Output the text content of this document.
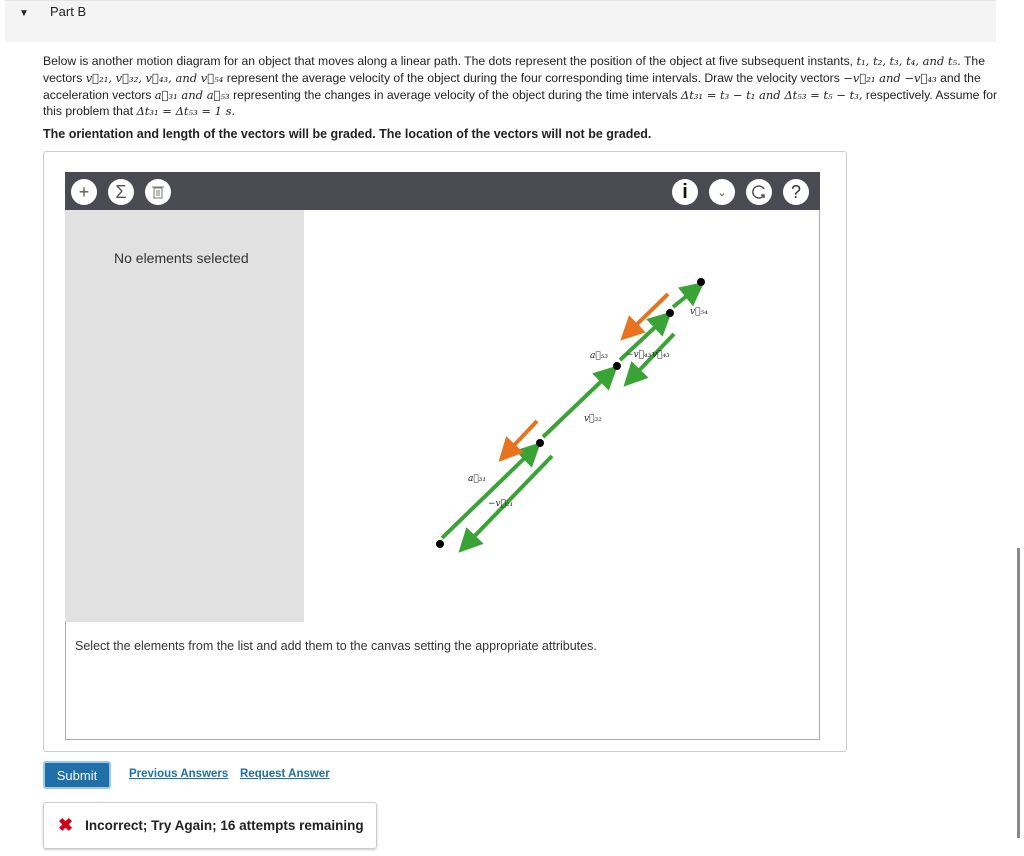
▼ Part B
Below is another motion diagram for an object that moves along a linear path. The dots represent the position of the object at five subsequent instants, t₁, t₂, t₃, t₄, and t₅. The vectors v⃗₂₁, v⃗₃₂, v⃗₄₃, and v⃗₅₄ represent the average velocity of the object during the four corresponding time intervals. Draw the velocity vectors −v⃗₂₁ and −v⃗₄₃ and the acceleration vectors a⃗₃₁ and a⃗₅₃ representing the changes in average velocity of the object during the time intervals Δt₃₁ = t₃ − t₁ and Δt₅₃ = t₅ − t₃, respectively. Assume for this problem that Δt₃₁ = Δt₅₃ = 1 s.
The orientation and length of the vectors will be graded. The location of the vectors will not be graded.
+	Σ	i	⌄	?
No elements selected
a⃗₃₁
−v⃗₂₁
a⃗₅₃
v⃗₃₂
−v⃗₄₃ v⃗₄₃
v⃗₅₄
Select the elements from the list and add them to the canvas setting the appropriate attributes.
Submit	Previous Answers Request Answer
✖ Incorrect; Try Again; 16 attempts remaining
